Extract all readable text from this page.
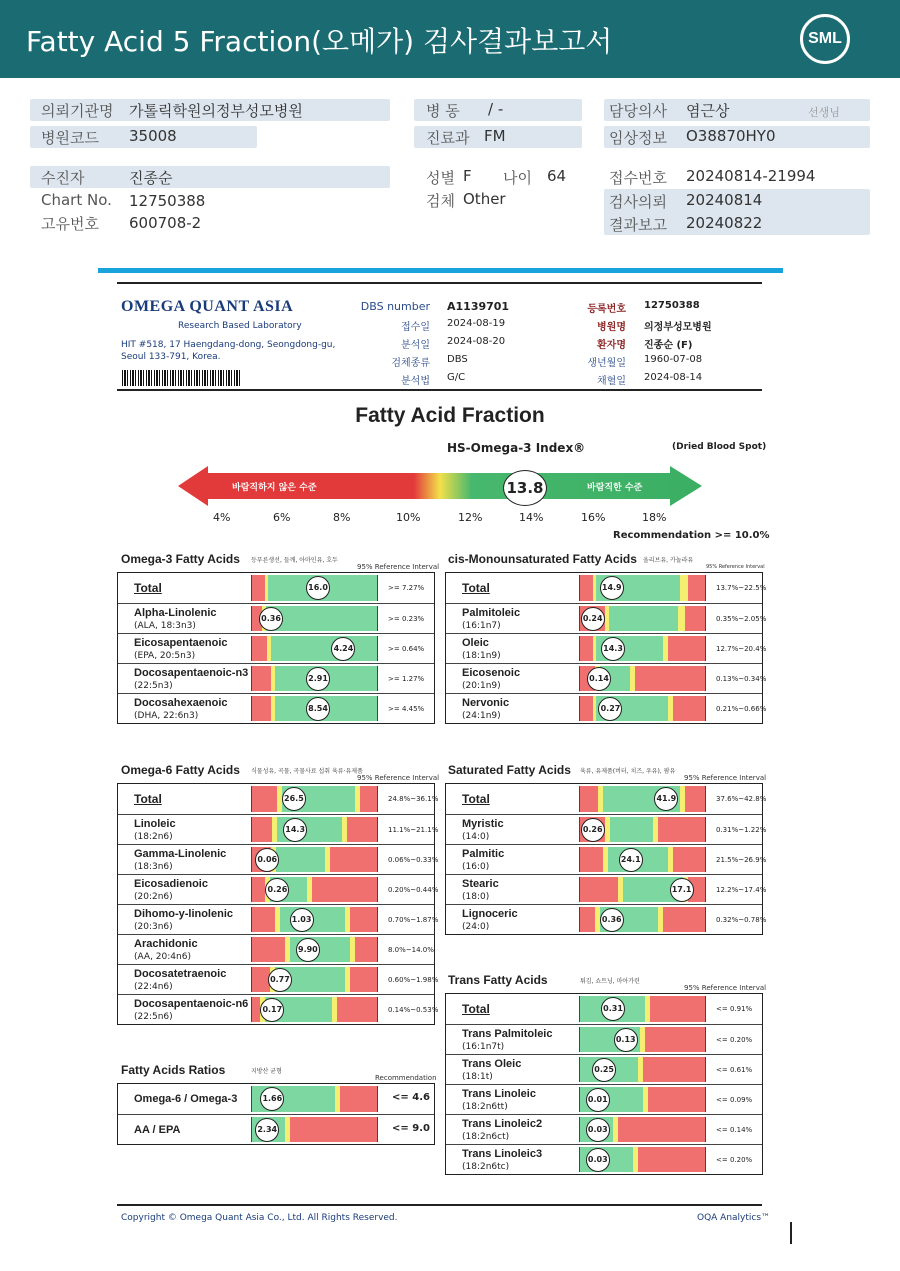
Fatty Acid 5 Fraction(오메가) 검사결과보고서	SML
의뢰기관명 가톨릭학원의정부성모병원	병 동 / -	담당의사 염근상	선생님
병원코드 35008	진료과 FM	임상정보 O38870HY0
수진자	진종순	성별 F 나이 64	접수번호 20240814-21994
Chart No. 12750388	검체 Other	검사의뢰 20240814
고유번호 600708-2	결과보고 20240822
OMEGA QUANT ASIA
Research Based Laboratory
HIT #518, 17 Haengdang-dong, Seongdong-gu,
Seoul 133-791, Korea.
DBS number A1139701
접수일 2024-08-19
분석일 2024-08-20
검체종류 DBS
분석법 G/C
등록번호 12750388
병원명 의정부성모병원
환자명 진종순 (F)
생년월일 1960-07-08
채혈일 2024-08-14
Fatty Acid Fraction
HS-Omega-3 Index®	(Dried Blood Spot)
바람직하지 않은 수준	바람직한 수준
13.8
4%	6%	8%	10%	12%	14%	16%	18%
Recommendation >= 10.0%
Omega-3 Fatty Acids 등푸른생선, 들깨, 아마인유, 호두
95% Reference Interval
cis-Monounsaturated Fatty Acids 올리브유, 카놀라유
95% Reference Interval
Omega-6 Fatty Acids 식물성유, 곡물, 곡물사료 섭취 육류·유제품
95% Reference Interval
Saturated Fatty Acids 육류, 유제품(버터, 치즈, 우유), 팜유
95% Reference Interval
Trans Fatty Acids	튀김, 쇼트닝, 마아가린
95% Reference Interval
Fatty Acids Ratios	지방산 균형
Recommendation
Total	16.0	>= 7.27%
Alpha-Linolenic
(ALA, 18:3n3)
0.36	>= 0.23%
Eicosapentaenoic
(EPA, 20:5n3)
4.24	>= 0.64%
Docosapentaenoic-n3
(22:5n3)
2.91	>= 1.27%
Docosahexaenoic
(DHA, 22:6n3)
8.54	>= 4.45%
Total	14.9	13.7%~22.5%
Palmitoleic
(16:1n7)
0.24	0.35%~2.05%
Oleic
(18:1n9)
14.3	12.7%~20.4%
Eicosenoic
(20:1n9)
0.14	0.13%~0.34%
Nervonic
(24:1n9)
0.27	0.21%~0.66%
Total	26.5	24.8%~36.1%
Linoleic
(18:2n6)
14.3	11.1%~21.1%
Gamma-Linolenic
(18:3n6)
0.06	0.06%~0.33%
Eicosadienoic
(20:2n6)
0.26	0.20%~0.44%
Dihomo-y-linolenic
(20:3n6)
1.03	0.70%~1.87%
Arachidonic
(AA, 20:4n6)
9.90	8.0%~14.0%
Docosatetraenoic
(22:4n6)
0.77	0.60%~1.98%
Docosapentaenoic-n6
(22:5n6)
0.17	0.14%~0.53%
Total	41.9	37.6%~42.8%
Myristic
(14:0)
0.26	0.31%~1.22%
Palmitic
(16:0)
24.1	21.5%~26.9%
Stearic
(18:0)
17.1	12.2%~17.4%
Lignoceric
(24:0)
0.36	0.32%~0.78%
Total	0.31	<= 0.91%
Trans Palmitoleic
(16:1n7t)
0.13	<= 0.20%
Trans Oleic
(18:1t)
0.25	<= 0.61%
Trans Linoleic
(18:2n6tt)
0.01	<= 0.09%
Trans Linoleic2
(18:2n6ct)
0.03	<= 0.14%
Trans Linoleic3
(18:2n6tc)
0.03	<= 0.20%
Omega-6 / Omega-3	1.66	<= 4.6
AA / EPA	2.34	<= 9.0
Copyright © Omega Quant Asia Co., Ltd. All Rights Reserved.	OQA Analytics™
